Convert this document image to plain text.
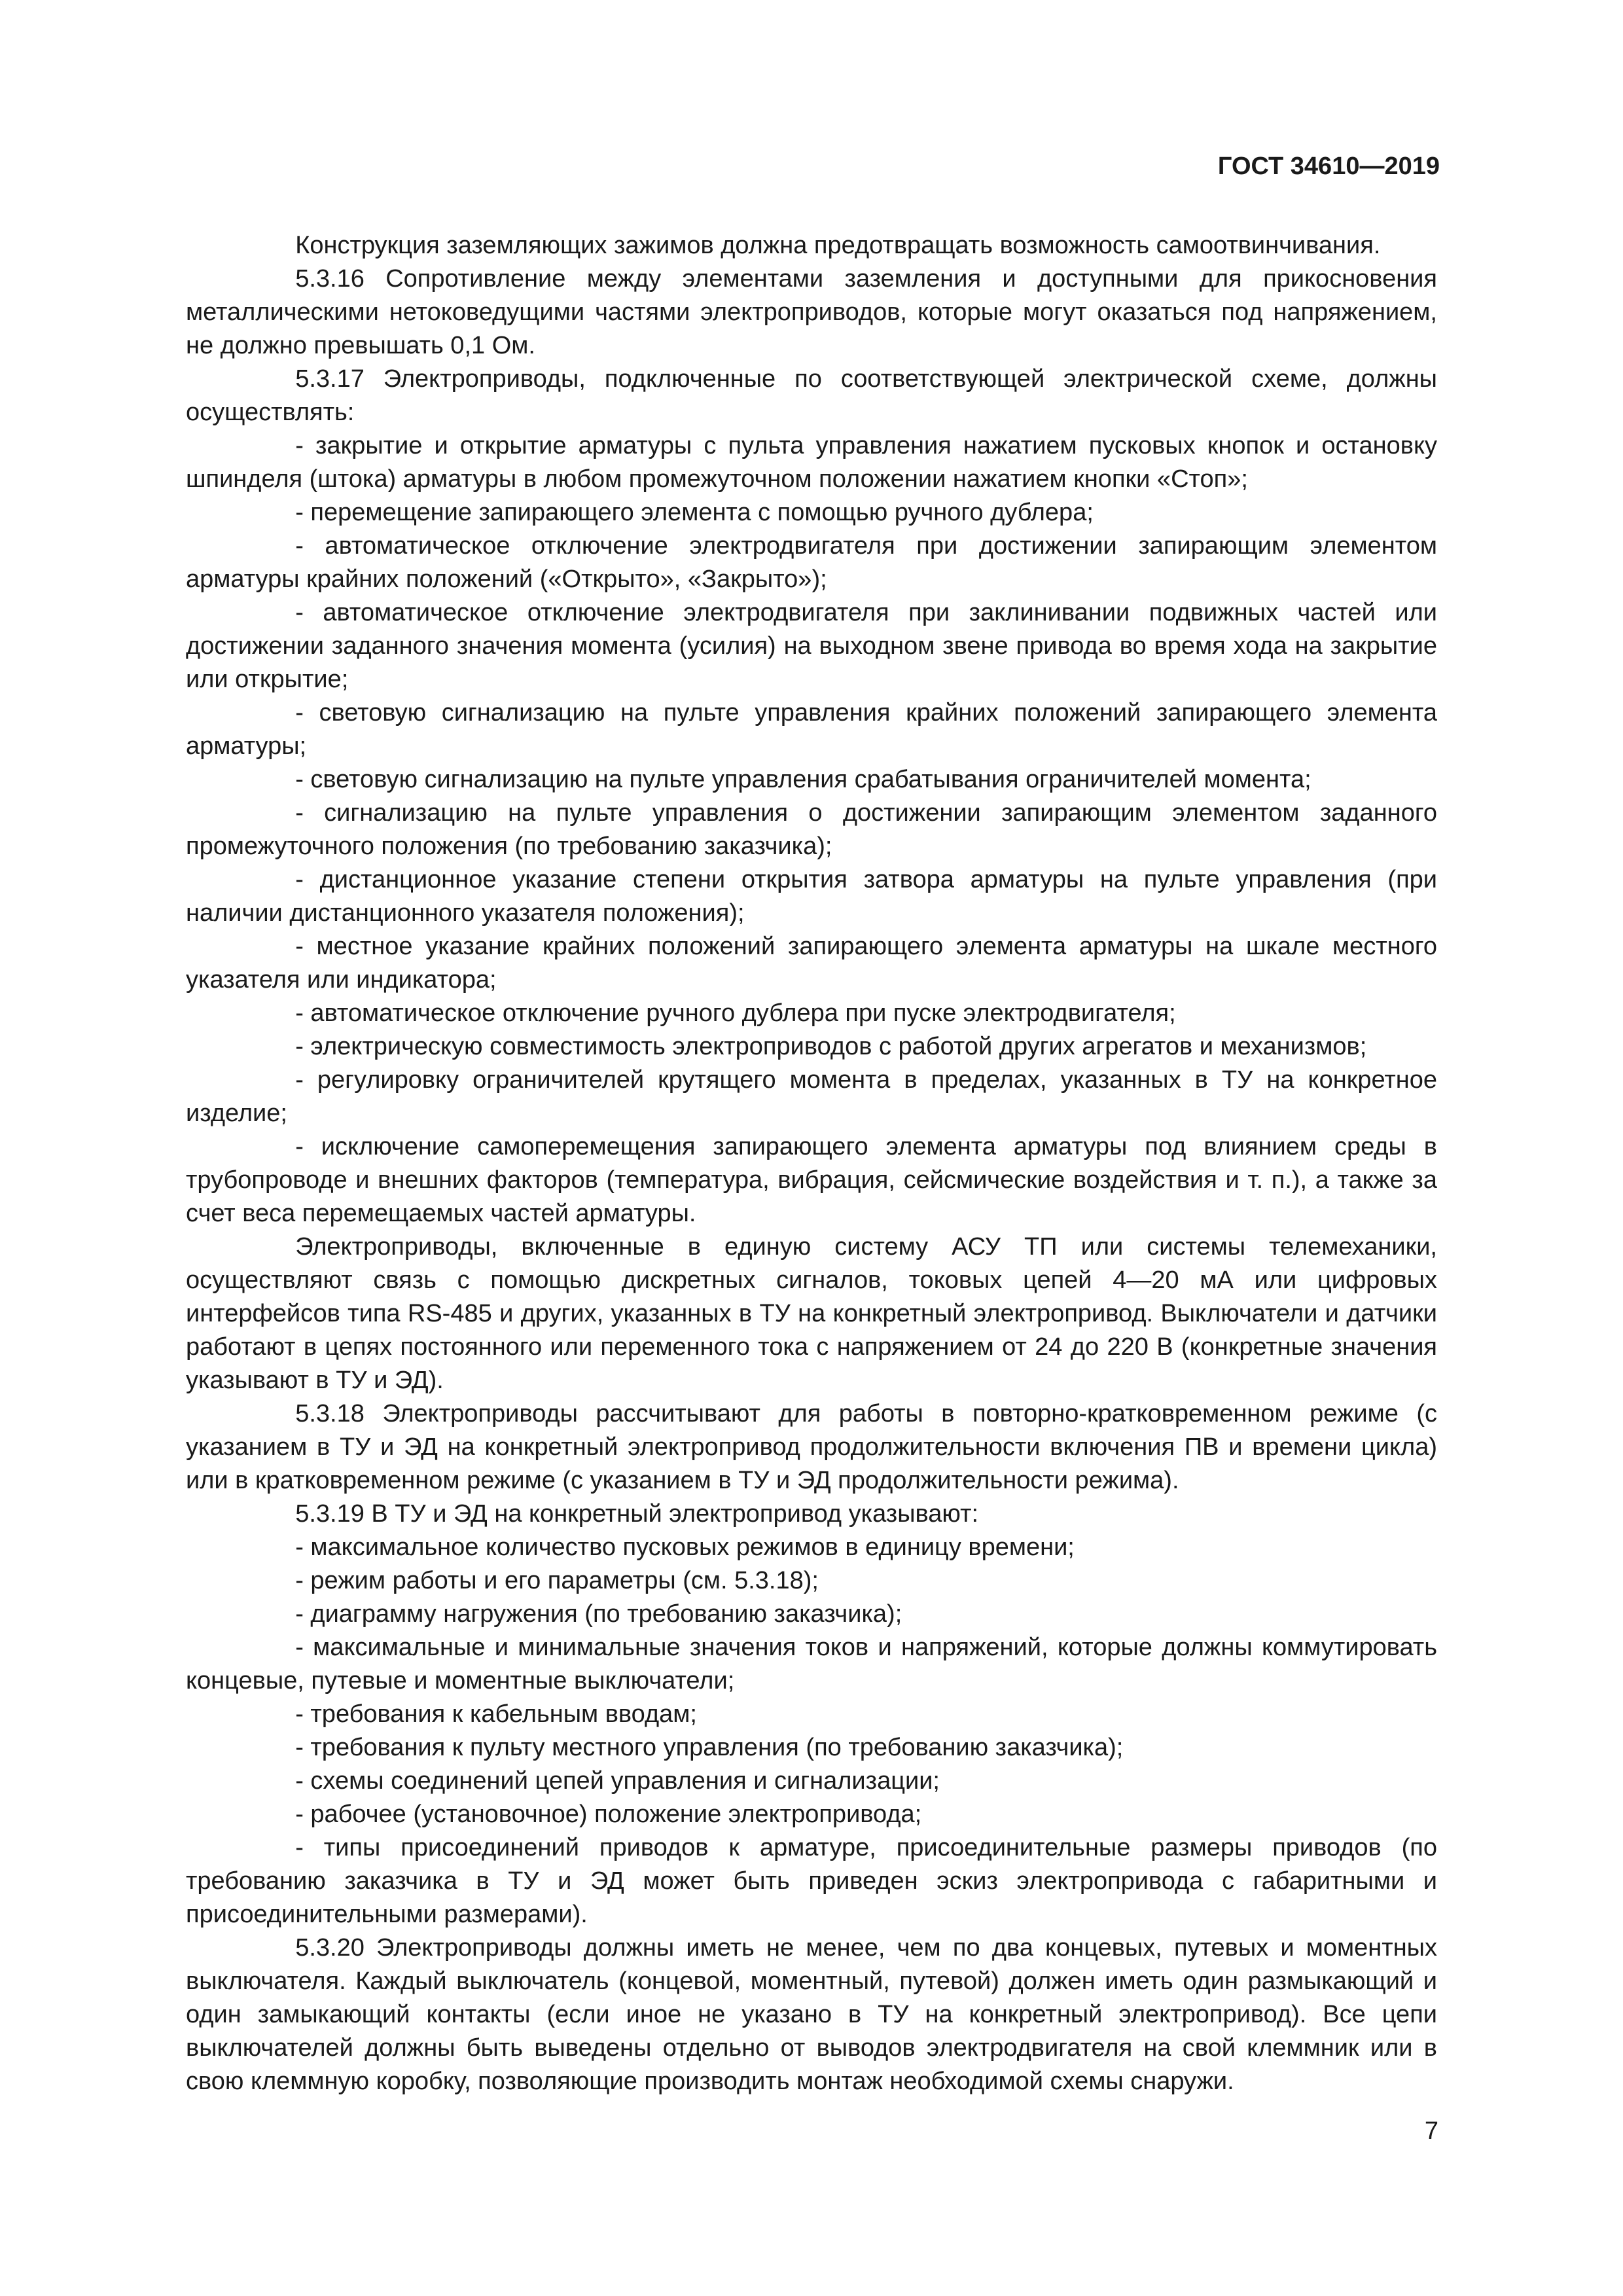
ГОСТ 34610—2019

Конструкция заземляющих зажимов должна предотвращать возможность самоотвинчивания.

5.3.16 Сопротивление между элементами заземления и доступными для прикосновения металлическими нетоковедущими частями электроприводов, которые могут оказаться под напряжением, не должно превышать 0,1 Ом.

5.3.17 Электроприводы, подключенные по соответствующей электрической схеме, должны осуществлять:

- закрытие и открытие арматуры с пульта управления нажатием пусковых кнопок и остановку шпинделя (штока) арматуры в любом промежуточном положении нажатием кнопки «Стоп»;

- перемещение запирающего элемента с помощью ручного дублера;

- автоматическое отключение электродвигателя при достижении запирающим элементом арматуры крайних положений («Открыто», «Закрыто»);

- автоматическое отключение электродвигателя при заклинивании подвижных частей или достижении заданного значения момента (усилия) на выходном звене привода во время хода на закрытие или открытие;

- световую сигнализацию на пульте управления крайних положений запирающего элемента арматуры;

- световую сигнализацию на пульте управления срабатывания ограничителей момента;

- сигнализацию на пульте управления о достижении запирающим элементом заданного промежуточного положения (по требованию заказчика);

- дистанционное указание степени открытия затвора арматуры на пульте управления (при наличии дистанционного указателя положения);

- местное указание крайних положений запирающего элемента арматуры на шкале местного указателя или индикатора;

- автоматическое отключение ручного дублера при пуске электродвигателя;

- электрическую совместимость электроприводов с работой других агрегатов и механизмов;

- регулировку ограничителей крутящего момента в пределах, указанных в ТУ на конкретное изделие;

- исключение самоперемещения запирающего элемента арматуры под влиянием среды в трубопроводе и внешних факторов (температура, вибрация, сейсмические воздействия и т. п.), а также за счет веса перемещаемых частей арматуры.

Электроприводы, включенные в единую систему АСУ ТП или системы телемеханики, осуществляют связь с помощью дискретных сигналов, токовых цепей 4—20 мА или цифровых интерфейсов типа RS-485 и других, указанных в ТУ на конкретный электропривод. Выключатели и датчики работают в цепях постоянного или переменного тока с напряжением от 24 до 220 В (конкретные значения указывают в ТУ и ЭД).

5.3.18 Электроприводы рассчитывают для работы в повторно-кратковременном режиме (с указанием в ТУ и ЭД на конкретный электропривод продолжительности включения ПВ и времени цикла) или в кратковременном режиме (с указанием в ТУ и ЭД продолжительности режима).

5.3.19 В ТУ и ЭД на конкретный электропривод указывают:

- максимальное количество пусковых режимов в единицу времени;

- режим работы и его параметры (см. 5.3.18);

- диаграмму нагружения (по требованию заказчика);

- максимальные и минимальные значения токов и напряжений, которые должны коммутировать концевые, путевые и моментные выключатели;

- требования к кабельным вводам;

- требования к пульту местного управления (по требованию заказчика);

- схемы соединений цепей управления и сигнализации;

- рабочее (установочное) положение электропривода;

- типы присоединений приводов к арматуре, присоединительные размеры приводов (по требованию заказчика в ТУ и ЭД может быть приведен эскиз электропривода с габаритными и присоединительными размерами).

5.3.20 Электроприводы должны иметь не менее, чем по два концевых, путевых и моментных выключателя. Каждый выключатель (концевой, моментный, путевой) должен иметь один размыкающий и один замыкающий контакты (если иное не указано в ТУ на конкретный электропривод). Все цепи выключателей должны быть выведены отдельно от выводов электродвигателя на свой клеммник или в свою клеммную коробку, позволяющие производить монтаж необходимой схемы снаружи.

7
